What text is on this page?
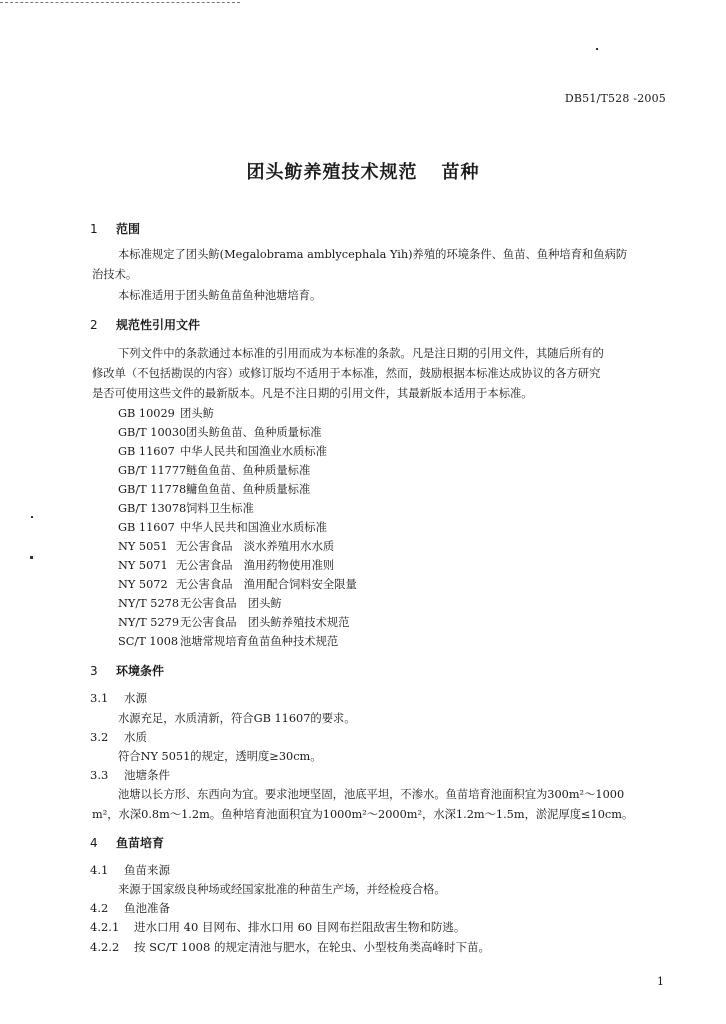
DB51/T528 -2005
团头鲂养殖技术规范 苗种
1 范围
本标准规定了团头鲂(Megalobrama amblycephala Yih)养殖的环境条件、鱼苗、鱼种培育和鱼病防
治技术。
本标准适用于团头鲂鱼苗鱼种池塘培育。
2 规范性引用文件
下列文件中的条款通过本标准的引用而成为本标准的条款。凡是注日期的引用文件，其随后所有的
修改单（不包括勘误的内容）或修订版均不适用于本标准，然而，鼓励根据本标准达成协议的各方研究
是否可使用这些文件的最新版本。凡是不注日期的引用文件，其最新版本适用于本标准。
GB 10029 团头鲂
GB/T 10030团头鲂鱼苗、鱼种质量标准
GB 11607 中华人民共和国渔业水质标准
GB/T 11777鲢鱼鱼苗、鱼种质量标准
GB/T 11778鳙鱼鱼苗、鱼种质量标准
GB/T 13078饲料卫生标准
GB 11607 中华人民共和国渔业水质标准
NY 5051 无公害食品　淡水养殖用水水质
NY 5071 无公害食品　渔用药物使用准则
NY 5072 无公害食品　渔用配合饲料安全限量
NY/T 5278无公害食品　团头鲂
NY/T 5279无公害食品　团头鲂养殖技术规范
SC/T 1008 池塘常规培育鱼苗鱼种技术规范
3 环境条件
3.1 水源
水源充足，水质清新，符合GB 11607的要求。
3.2 水质
符合NY 5051的规定，透明度≥30cm。
3.3 池塘条件
池塘以长方形、东西向为宜。要求池埂坚固，池底平坦，不渗水。鱼苗培育池面积宜为300m²～1000
m²，水深0.8m～1.2m。鱼种培育池面积宜为1000m²～2000m²，水深1.2m～1.5m，淤泥厚度≤10cm。
4 鱼苗培育
4.1 鱼苗来源
来源于国家级良种场或经国家批准的种苗生产场，并经检疫合格。
4.2 鱼池准备
4.2.1 进水口用 40 目网布、排水口用 60 目网布拦阻敌害生物和防逃。
4.2.2 按 SC/T 1008 的规定清池与肥水，在轮虫、小型枝角类高峰时下苗。
1
